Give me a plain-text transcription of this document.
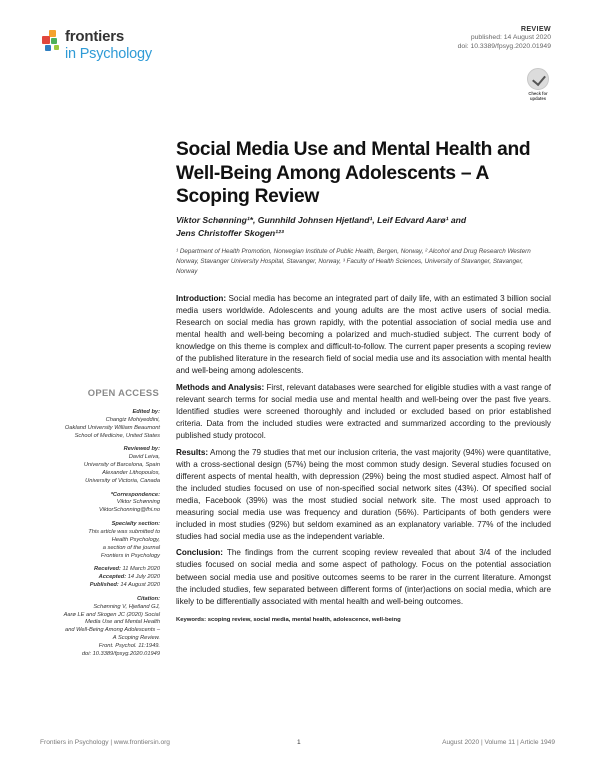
frontiers
in Psychology
REVIEW
published: 14 August 2020
doi: 10.3389/fpsyg.2020.01949
Check for
updates
Social Media Use and Mental Health and Well-Being Among Adolescents – A Scoping Review
Viktor Schønning¹*, Gunnhild Johnsen Hjetland¹, Leif Edvard Aarø¹ and
Jens Christoffer Skogen¹²³
¹ Department of Health Promotion, Norwegian Institute of Public Health, Bergen, Norway, ² Alcohol and Drug Research Western Norway, Stavanger University Hospital, Stavanger, Norway, ³ Faculty of Health Sciences, University of Stavanger, Stavanger, Norway

Introduction: Social media has become an integrated part of daily life, with an estimated 3 billion social media users worldwide. Adolescents and young adults are the most active users of social media. Research on social media has grown rapidly, with the potential association of social media use and mental health and well-being becoming a polarized and much-studied subject. The current body of knowledge on this theme is complex and difficult-to-follow. The current paper presents a scoping review of the published literature in the research field of social media use and its association with mental health and well-being among adolescents.

Methods and Analysis: First, relevant databases were searched for eligible studies with a vast range of relevant search terms for social media use and mental health and well-being over the past five years. Identified studies were screened thoroughly and included or excluded based on prior established criteria. Data from the included studies were extracted and summarized according to the previously published study protocol.

Results: Among the 79 studies that met our inclusion criteria, the vast majority (94%) were quantitative, with a cross-sectional design (57%) being the most common study design. Several studies focused on different aspects of mental health, with depression (29%) being the most studied aspect. Almost half of the included studies focused on use of non-specified social network sites (43%). Of specified social media, Facebook (39%) was the most studied social network site. The most used approach to measuring social media use was frequency and duration (56%). Participants of both genders were included in most studies (92%) but seldom examined as an explanatory variable. 77% of the included studies had social media use as the independent variable.

Conclusion: The findings from the current scoping review revealed that about 3/4 of the included studies focused on social media and some aspect of pathology. Focus on the potential association between social media use and positive outcomes seems to be rarer in the current literature. Amongst the included studies, few separated between different forms of (inter)actions on social media, which are likely to be differentially associated with mental health and well-being outcomes.

Keywords: scoping review, social media, mental health, adolescence, well-being

OPEN ACCESS
Edited by:
Changiz Mohiyeddini,
Oakland University William Beaumont
School of Medicine, United States
Reviewed by:
David Leiva,
University of Barcelona, Spain
Alexander Lithopoulos,
University of Victoria, Canada
*Correspondence:
Viktor Schønning
ViktorSchonning@fhi.no
Specialty section:
This article was submitted to
Health Psychology,
a section of the journal
Frontiers in Psychology
Received: 11 March 2020
Accepted: 14 July 2020
Published: 14 August 2020
Citation:
Schønning V, Hjetland GJ,
Aarø LE and Skogen JC (2020) Social
Media Use and Mental Health
and Well-Being Among Adolescents –
A Scoping Review.
Front. Psychol. 11:1949.
doi: 10.3389/fpsyg.2020.01949
Frontiers in Psychology | www.frontiersin.org	1	August 2020 | Volume 11 | Article 1949
